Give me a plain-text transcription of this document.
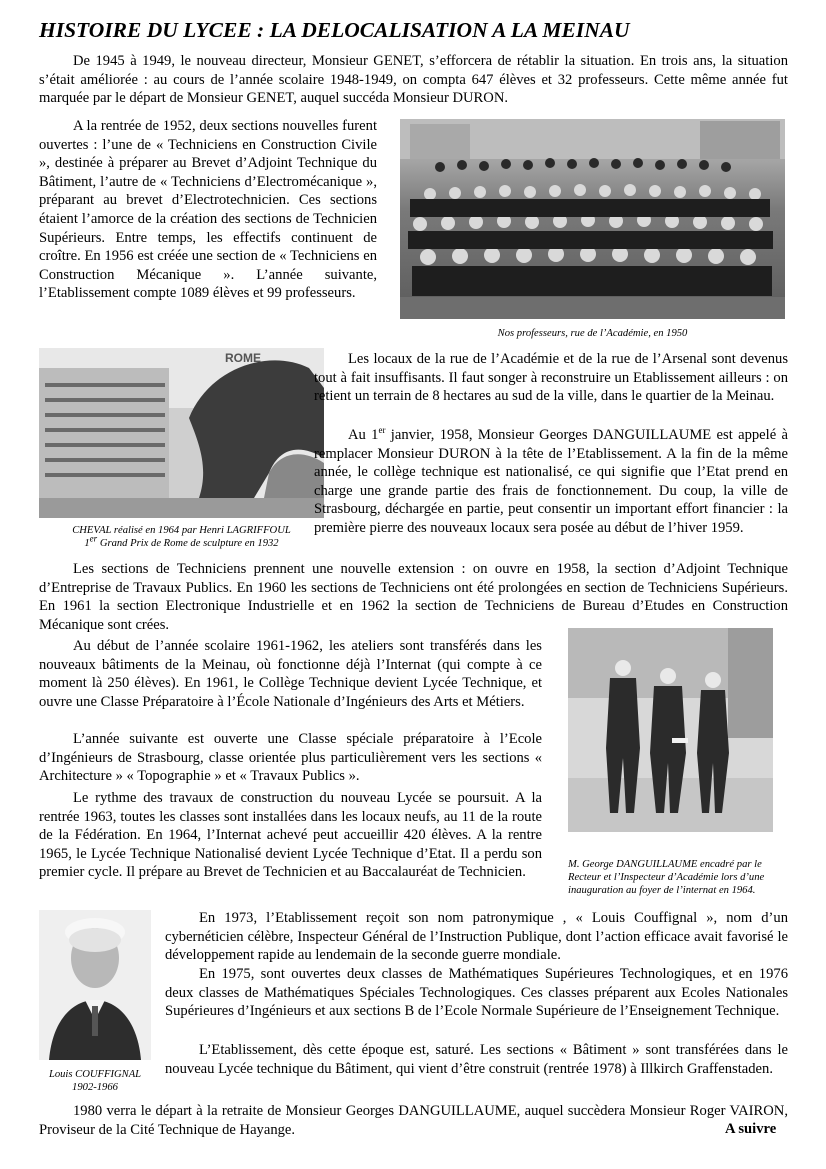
HISTOIRE DU LYCEE : LA DELOCALISATION A LA MEINAU

De 1945 à 1949, le nouveau directeur, Monsieur GENET, s’efforcera de rétablir la situation. En trois ans, la situation s’était améliorée : au cours de l’année scolaire 1948-1949, on compta 647 élèves et 32 professeurs. Cette même année fut marquée par le départ de Monsieur GENET, auquel succéda Monsieur DURON.

A la rentrée de 1952, deux sections nouvelles furent ouvertes : l’une de « Techniciens en Construction Civile », destinée à préparer au Brevet d’Adjoint Technique du Bâtiment, l’autre de « Techniciens d’Electromécanique », préparant au brevet d’Electrotechnicien. Ces sections étaient l’amorce de la création des sections de Technicien Supérieurs. Entre temps, les effectifs continuent de croître. En 1956 est créée une section de « Techniciens en Construction Mécanique ». L’année suivante, l’Etablissement compte 1089 élèves et 99 professeurs.

Nos professeurs, rue de l’Académie, en 1950

ROME

CHEVAL réalisé en 1964 par Henri LAGRIFFOUL
1er Grand Prix de Rome de sculpture en 1932

Les locaux de la rue de l’Académie et de la rue de l’Arsenal sont devenus tout à fait insuffisants. Il faut songer à reconstruire un Etablissement ailleurs : on retient un terrain de 8 hectares au sud de la ville, dans le quartier de la Meinau.

Au 1er janvier, 1958, Monsieur Georges DANGUILLAUME est appelé à remplacer Monsieur DURON à la tête de l’Etablissement. A la fin de la même année, le collège technique est nationalisé, ce qui signifie que l’Etat prend en charge une grande partie des frais de fonctionnement. Du coup, la ville de Strasbourg, déchargée en partie, peut consentir un important effort financier : la première pierre des nouveaux locaux sera posée au début de l’hiver 1959.

Les sections de Techniciens prennent une nouvelle extension : on ouvre en 1958, la section d’Adjoint Technique d’Entreprise de Travaux Publics. En 1960 les sections de Techniciens ont été prolongées en section de Techniciens Supérieurs. En 1961 la section Electronique Industrielle et en 1962 la section de Techniciens de Bureau d’Etudes en Construction Mécanique sont crées.

Au début de l’année scolaire 1961-1962, les ateliers sont transférés dans les nouveaux bâtiments de la Meinau, où fonctionne déjà l’Internat (qui compte à ce moment là 250 élèves). En 1961, le Collège Technique devient Lycée Technique, et ouvre une Classe Préparatoire à l’École Nationale d’Ingénieurs des Arts et Métiers.

M. George DANGUILLAUME encadré par le Recteur et l’Inspecteur d’Académie lors d’une inauguration au foyer de l’internat en 1964.

L’année suivante est ouverte une Classe spéciale préparatoire à l’Ecole d’Ingénieurs de Strasbourg, classe orientée plus particulièrement vers les sections « Architecture » « Topographie » et « Travaux Publics ».

Le rythme des travaux de construction du nouveau Lycée se poursuit. A la rentrée 1963, toutes les classes sont installées dans les locaux neufs, au 11 de la route de la Fédération. En 1964, l’Internat achevé peut accueillir 420 élèves. A la rentre 1965, le Lycée Technique Nationalisé devient Lycée Technique d’Etat. Il a perdu son premier cycle. Il prépare au Brevet de Technicien et au Baccalauréat de Technicien.

Louis COUFFIGNAL
1902-1966

En 1973, l’Etablissement reçoit son nom patronymique , « Louis Couffignal », nom d’un cybernéticien célèbre, Inspecteur Général de l’Instruction Publique, dont l’action efficace avait favorisé le développement rapide au lendemain de la seconde guerre mondiale.

En 1975, sont ouvertes deux classes de Mathématiques Supérieures Technologiques, et en 1976 deux classes de Mathématiques Spéciales Technologiques. Ces classes préparent aux Ecoles Nationales Supérieures d’Ingénieurs et aux sections B de l’Ecole Normale Supérieure de l’Enseignement Technique.

L’Etablissement, dès cette époque est, saturé. Les sections « Bâtiment » sont transférées dans le nouveau Lycée technique du Bâtiment, qui vient d’être construit (rentrée 1978) à Illkirch Graffenstaden.

1980 verra le départ à la retraite de Monsieur Georges DANGUILLAUME, auquel succèdera Monsieur Roger VAIRON, Proviseur de la Cité Technique de Hayange.	A suivre
